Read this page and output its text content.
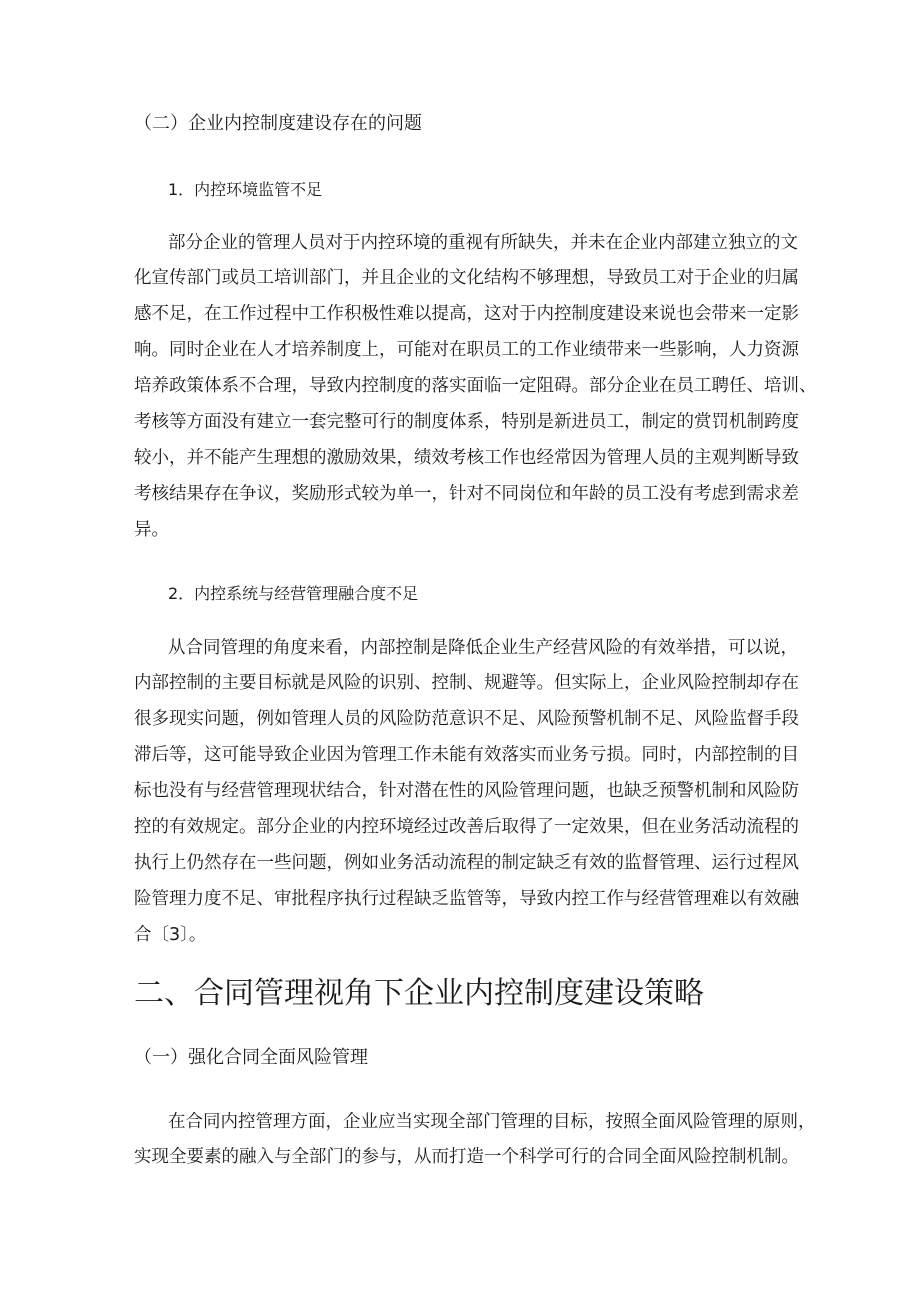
（二）企业内控制度建设存在的问题
1．内控环境监管不足
部分企业的管理人员对于内控环境的重视有所缺失，并未在企业内部建立独立的文
化宣传部门或员工培训部门，并且企业的文化结构不够理想，导致员工对于企业的归属
感不足，在工作过程中工作积极性难以提高，这对于内控制度建设来说也会带来一定影
响。同时企业在人才培养制度上，可能对在职员工的工作业绩带来一些影响，人力资源
培养政策体系不合理，导致内控制度的落实面临一定阻碍。部分企业在员工聘任、培训、
考核等方面没有建立一套完整可行的制度体系，特别是新进员工，制定的赏罚机制跨度
较小，并不能产生理想的激励效果，绩效考核工作也经常因为管理人员的主观判断导致
考核结果存在争议，奖励形式较为单一，针对不同岗位和年龄的员工没有考虑到需求差
异。
2．内控系统与经营管理融合度不足
从合同管理的角度来看，内部控制是降低企业生产经营风险的有效举措，可以说，
内部控制的主要目标就是风险的识别、控制、规避等。但实际上，企业风险控制却存在
很多现实问题，例如管理人员的风险防范意识不足、风险预警机制不足、风险监督手段
滞后等，这可能导致企业因为管理工作未能有效落实而业务亏损。同时，内部控制的目
标也没有与经营管理现状结合，针对潜在性的风险管理问题，也缺乏预警机制和风险防
控的有效规定。部分企业的内控环境经过改善后取得了一定效果，但在业务活动流程的
执行上仍然存在一些问题，例如业务活动流程的制定缺乏有效的监督管理、运行过程风
险管理力度不足、审批程序执行过程缺乏监管等，导致内控工作与经营管理难以有效融
合〔3〕。
二、合同管理视角下企业内控制度建设策略
（一）强化合同全面风险管理
在合同内控管理方面，企业应当实现全部门管理的目标，按照全面风险管理的原则，
实现全要素的融入与全部门的参与，从而打造一个科学可行的合同全面风险控制机制。
